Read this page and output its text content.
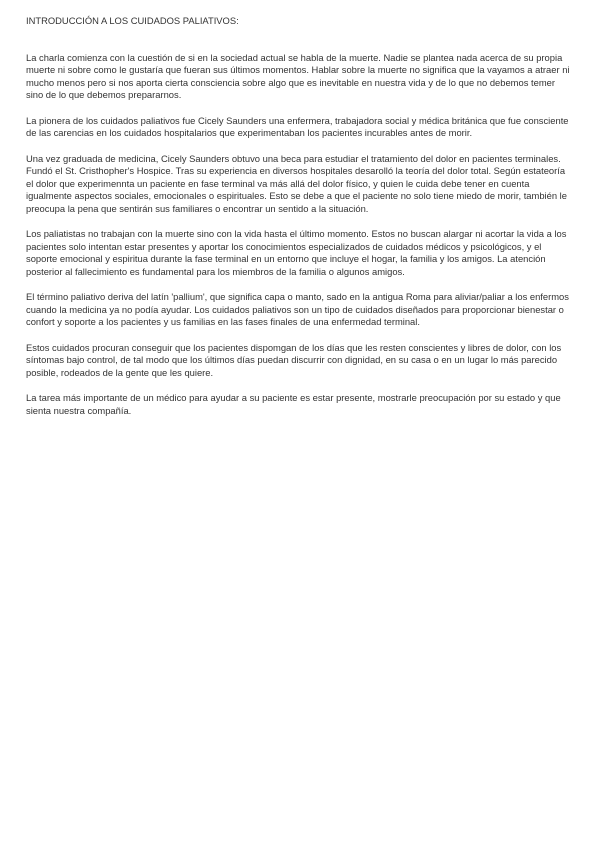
INTRODUCCIÓN A LOS CUIDADOS PALIATIVOS:

La charla comienza con la cuestión de si en la sociedad actual se habla de la muerte. Nadie se plantea nada acerca de su propia muerte ni sobre como le gustaría que fueran sus últimos momentos. Hablar sobre la muerte no significa que la vayamos a atraer ni mucho menos pero si nos aporta cierta consciencia sobre algo que es inevitable en nuestra vida y de lo que no debemos temer sino de lo que debemos prepararnos.

La pionera de los cuidados paliativos fue Cicely Saunders una enfermera, trabajadora social y médica británica que fue consciente de las carencias en los cuidados hospitalarios que experimentaban los pacientes incurables antes de morir.

Una vez graduada de medicina, Cicely Saunders obtuvo una beca para estudiar el tratamiento del dolor en pacientes terminales. Fundó el St. Cristhopher's Hospice. Tras su experiencia en diversos hospitales desarolló la teoría del dolor total. Según estateoría el dolor que experimennta un paciente en fase terminal va más allá del dolor físico, y quien le cuida debe tener en cuenta igualmente aspectos sociales, emocionales o espirituales. Esto se debe a que el paciente no solo tiene miedo de morir, también le preocupa la pena que sentirán sus familiares o encontrar un sentido a la situación.

Los paliatistas no trabajan con la muerte sino con la vida hasta el último momento. Estos no buscan alargar ni acortar la vida a los pacientes solo intentan estar presentes y aportar los conocimientos especializados de cuidados médicos y psicológicos, y el soporte emocional y espiritua durante la fase terminal en un entorno que incluye el hogar, la familia y los amigos. La atención posterior al fallecimiento es fundamental para los miembros de la familia o algunos amigos.

El término paliativo deriva del latín 'pallium', que significa capa o manto, sado en la antigua Roma para aliviar/paliar a los enfermos cuando la medicina ya no podía ayudar. Los cuidados paliativos son un tipo de cuidados diseñados para proporcionar bienestar o confort y soporte a los pacientes y us familias en las fases finales de una enfermedad terminal.

Estos cuidados procuran conseguir que los pacientes dispomgan de los días que les resten conscientes y libres de dolor, con los síntomas bajo control, de tal modo que los últimos días puedan discurrir con dignidad, en su casa o en un lugar lo más parecido posible, rodeados de la gente que les quiere.

La tarea más importante de un médico para ayudar a su paciente es estar presente, mostrarle preocupación por su estado y que sienta nuestra compañía.
